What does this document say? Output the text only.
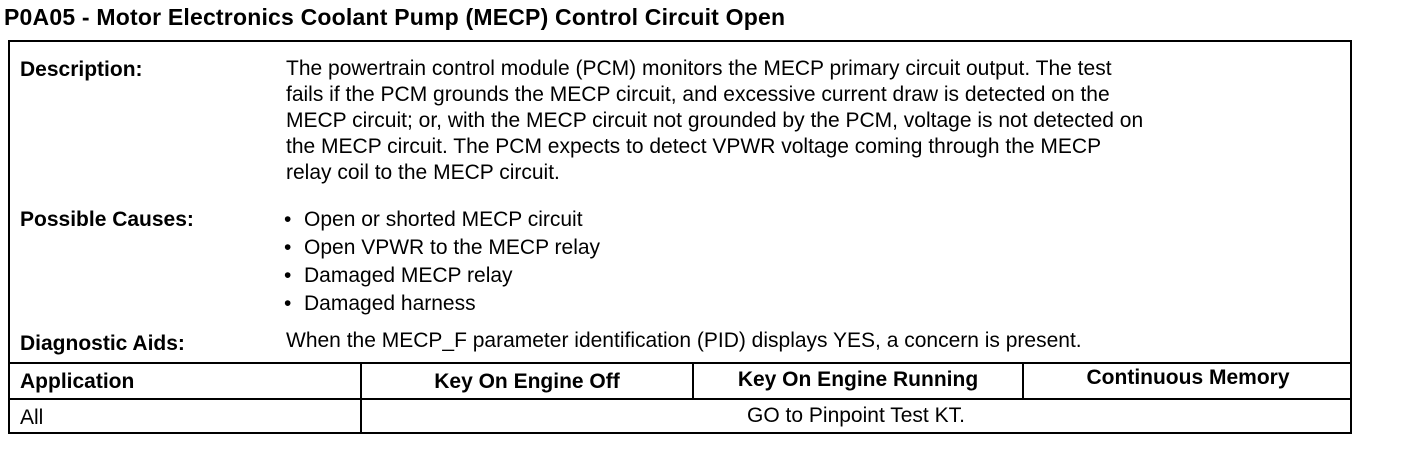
P0A05 - Motor Electronics Coolant Pump (MECP) Control Circuit Open
Description:	The powertrain control module (PCM) monitors the MECP primary circuit output. The test
fails if the PCM grounds the MECP circuit, and excessive current draw is detected on the
MECP circuit; or, with the MECP circuit not grounded by the PCM, voltage is not detected on
the MECP circuit. The PCM expects to detect VPWR voltage coming through the MECP
relay coil to the MECP circuit.
Possible Causes:
•	Open or shorted MECP circuit
• Open VPWR to the MECP relay
• Damaged MECP relay
• Damaged harness
Diagnostic Aids:	When the MECP_F parameter identification (PID) displays YES, a concern is present.
Application	Key On Engine Off	Key On Engine Running	Continuous Memory
All	GO to Pinpoint Test KT.
